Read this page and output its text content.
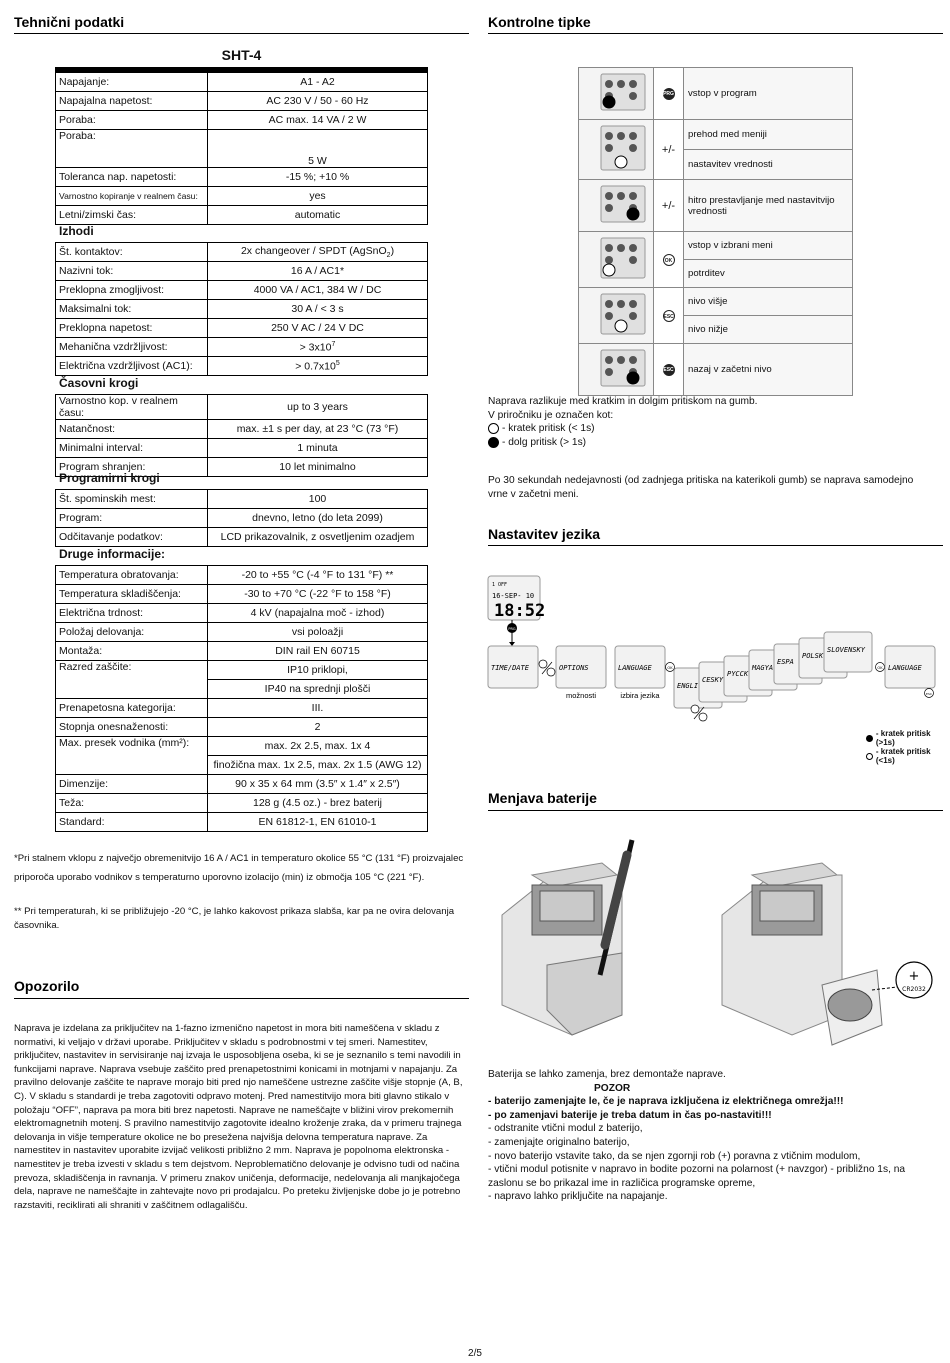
Tehnični podatki
SHT-4
Napajanje:	A1 - A2
Napajalna napetost:	AC 230 V / 50 - 60 Hz
Poraba:	AC max. 14 VA / 2 W
Poraba:	5 W
Toleranca nap. napetosti:	-15 %; +10 %
Varnostno kopiranje v realnem času:	yes
Letni/zimski čas:	automatic
Izhodi
Št. kontaktov:	2x changeover / SPDT (AgSnO$_2$)
Nazivni tok:	16 A / AC1*
Preklopna zmogljivost:	4000 VA / AC1, 384 W / DC
Maksimalni tok:	30 A / < 3 s
Preklopna napetost:	250 V AC / 24 V DC
Mehanična vzdržljivost:	> $3x10^7$
Električna vzdržljivost (AC1):	> $0.7x10^5$
Časovni krogi
Varnostno kop. v realnem času:	up to 3 years
Natančnost:	max. ±1 s per day, at 23 °C (73 °F)
Minimalni interval:	1 minuta
Program shranjen:	10 let minimalno
Programirni krogi
Št. spominskih mest:	100
Program:	dnevno, letno (do leta 2099)
Odčitavanje podatkov:	LCD prikazovalnik, z osvetljenim ozadjem
Druge informacije:
Temperatura obratovanja:	-20 to +55 °C (-4 °F to 131 °F) **
Temperatura skladiščenja:	-30 to +70 °C (-22 °F to 158 °F)
Električna trdnost:	4 kV (napajalna moč - izhod)
Položaj delovanja:	vsi poloažji
Montaža:	DIN rail EN 60715
Razred zaščite:	IP10 priklopi,
	IP40 na sprednji plošči
Prenapetosna kategorija:	III.
Stopnja onesnaženosti:	2
Max. presek vodnika (mm²):	max. 2x 2.5, max. 1x 4
	finožična max. 1x 2.5, max. 2x 1.5 (AWG 12)
Dimenzije:	90 x 35 x 64 mm (3.5″ x 1.4″ x 2.5″)
Teža:	128 g (4.5 oz.) - brez baterij
Standard:	EN 61812-1, EN 61010-1
*Pri stalnem vklopu z največjo obremenitvijo 16 A / AC1 in temperaturo okolice 55 °C (131 °F) proizvajalec priporoča uporabo vodnikov s temperaturno uporovno izolacijo (min) iz območja 105 °C (221 °F).
** Pri temperaturah, ki se približujejo -20 °C, je lahko kakovost prikaza slabša, kar pa ne ovira delovanja časovnika.
Opozorilo
Naprava je izdelana za priključitev na 1-fazno izmenično napetost in mora biti nameščena v skladu z normativi, ki veljajo v državi uporabe. Priključitev v skladu s podrobnostmi v tej smeri. Namestitev, priključitev, nastavitev in servisiranje naj izvaja le usposobljena oseba, ki se je seznanilo s temi navodili in funkcijami naprave. Naprava vsebuje zaščito pred prenapetostnimi konicami in motnjami v napajanju. Za pravilno delovanje zaščite te naprave morajo biti pred njo nameščene ustrezne zaščite višje stopnje (A, B, C). V skladu s standardi je treba zagotoviti odpravo motenj. Pred namestitvijo mora biti glavno stikalo v položaju “OFF”, naprava pa mora biti brez napetosti. Naprave ne nameščajte v bližini virov prekomernih elektromagnetnih motenj. S pravilno namestitvijo zagotovite idealno kroženje zraka, da v primeru trajnega delovanja in višje temperature okolice ne bo presežena najvišja delovna temperatura naprave. Za namestitev in nastavitev uporabite izvijač velikosti približno 2 mm. Naprava je popolnoma elektronska - namestitev je treba izvesti v skladu s tem dejstvom. Neproblematično delovanje je odvisno tudi od načina prevoza, skladiščenja in ravnanja. V primeru znakov uničenja, deformacije, nedelovanja ali manjkajočega dela, naprave ne nameščajte in zahtevajte novo pri prodajalcu. Po preteku življenjske dobe jo je potrebno razstaviti, reciklirati ali shraniti v zaščitnem odlagališču.
Kontrolne tipke
	PRG	vstop v program
	+/-	prehod med meniji
		nastavitev vrednosti
	+/-	hitro prestavljanje med nastavitvijo vrednosti
	OK	vstop v izbrani meni
		potrditev
	ESC	nivo višje
		nivo nižje
	ESC	nazaj v začetni nivo
Naprava razlikuje med kratkim in dolgim pritiskom na gumb.
V priročniku je označen kot:
- kratek pritisk (< 1s)
- dolg pritisk (> 1s)
Po 30 sekundah nedejavnosti (od zadnjega pritiska na katerikoli gumb) se naprava samodejno vrne v začetni meni.
Nastavitev jezika
1 OFF
16-SEP- 10
18:52
PRG
TIME/DATE	OPTIONS
možnosti
LANGUAGE
izbira jezika
OK
ENGLI
CESKY
PYCCK
MAGYA
ESPA
POLSK
SLOVENSKY
OK LANGUAGE
ESC
- kratek pritisk (>1s)
- kratek pritisk (<1s)
Menjava baterije
+
CR2032
Baterija se lahko zamenja, brez demontaže naprave.
POZOR
- baterijo zamenjajte le, če je naprava izključena iz električnega omrežja!!!
- po zamenjavi baterije je treba datum in čas po-nastaviti!!!
- odstranite vtični modul z baterijo,
- zamenjajte originalno baterijo,
- novo baterijo vstavite tako, da se njen zgornji rob (+) poravna z vtičnim modulom,
- vtični modul potisnite v napravo in bodite pozorni na polarnost (+ navzgor) - približno 1s, na zaslonu se bo prikazal ime in različica programske opreme,
- napravo lahko priključite na napajanje.
2/5
